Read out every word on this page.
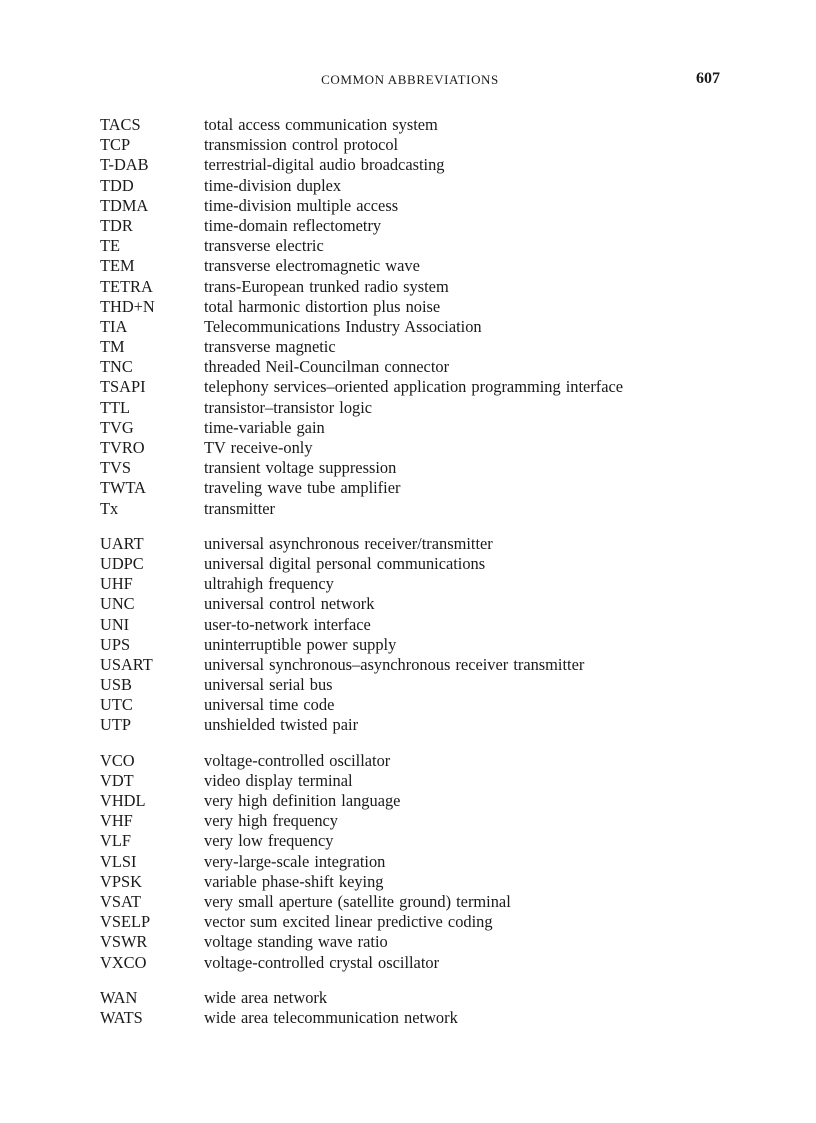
COMMON ABBREVIATIONS	607
TACS	total access communication system
TCP	transmission control protocol
T-DAB	terrestrial-digital audio broadcasting
TDD	time-division duplex
TDMA	time-division multiple access
TDR	time-domain reflectometry
TE	transverse electric
TEM	transverse electromagnetic wave
TETRA	trans-European trunked radio system
THD+N	total harmonic distortion plus noise
TIA	Telecommunications Industry Association
TM	transverse magnetic
TNC	threaded Neil-Councilman connector
TSAPI	telephony services–oriented application programming interface
TTL	transistor–transistor logic
TVG	time-variable gain
TVRO	TV receive-only
TVS	transient voltage suppression
TWTA	traveling wave tube amplifier
Tx	transmitter
UART	universal asynchronous receiver/transmitter
UDPC	universal digital personal communications
UHF	ultrahigh frequency
UNC	universal control network
UNI	user-to-network interface
UPS	uninterruptible power supply
USART	universal synchronous–asynchronous receiver transmitter
USB	universal serial bus
UTC	universal time code
UTP	unshielded twisted pair
VCO	voltage-controlled oscillator
VDT	video display terminal
VHDL	very high definition language
VHF	very high frequency
VLF	very low frequency
VLSI	very-large-scale integration
VPSK	variable phase-shift keying
VSAT	very small aperture (satellite ground) terminal
VSELP	vector sum excited linear predictive coding
VSWR	voltage standing wave ratio
VXCO	voltage-controlled crystal oscillator
WAN	wide area network
WATS	wide area telecommunication network
